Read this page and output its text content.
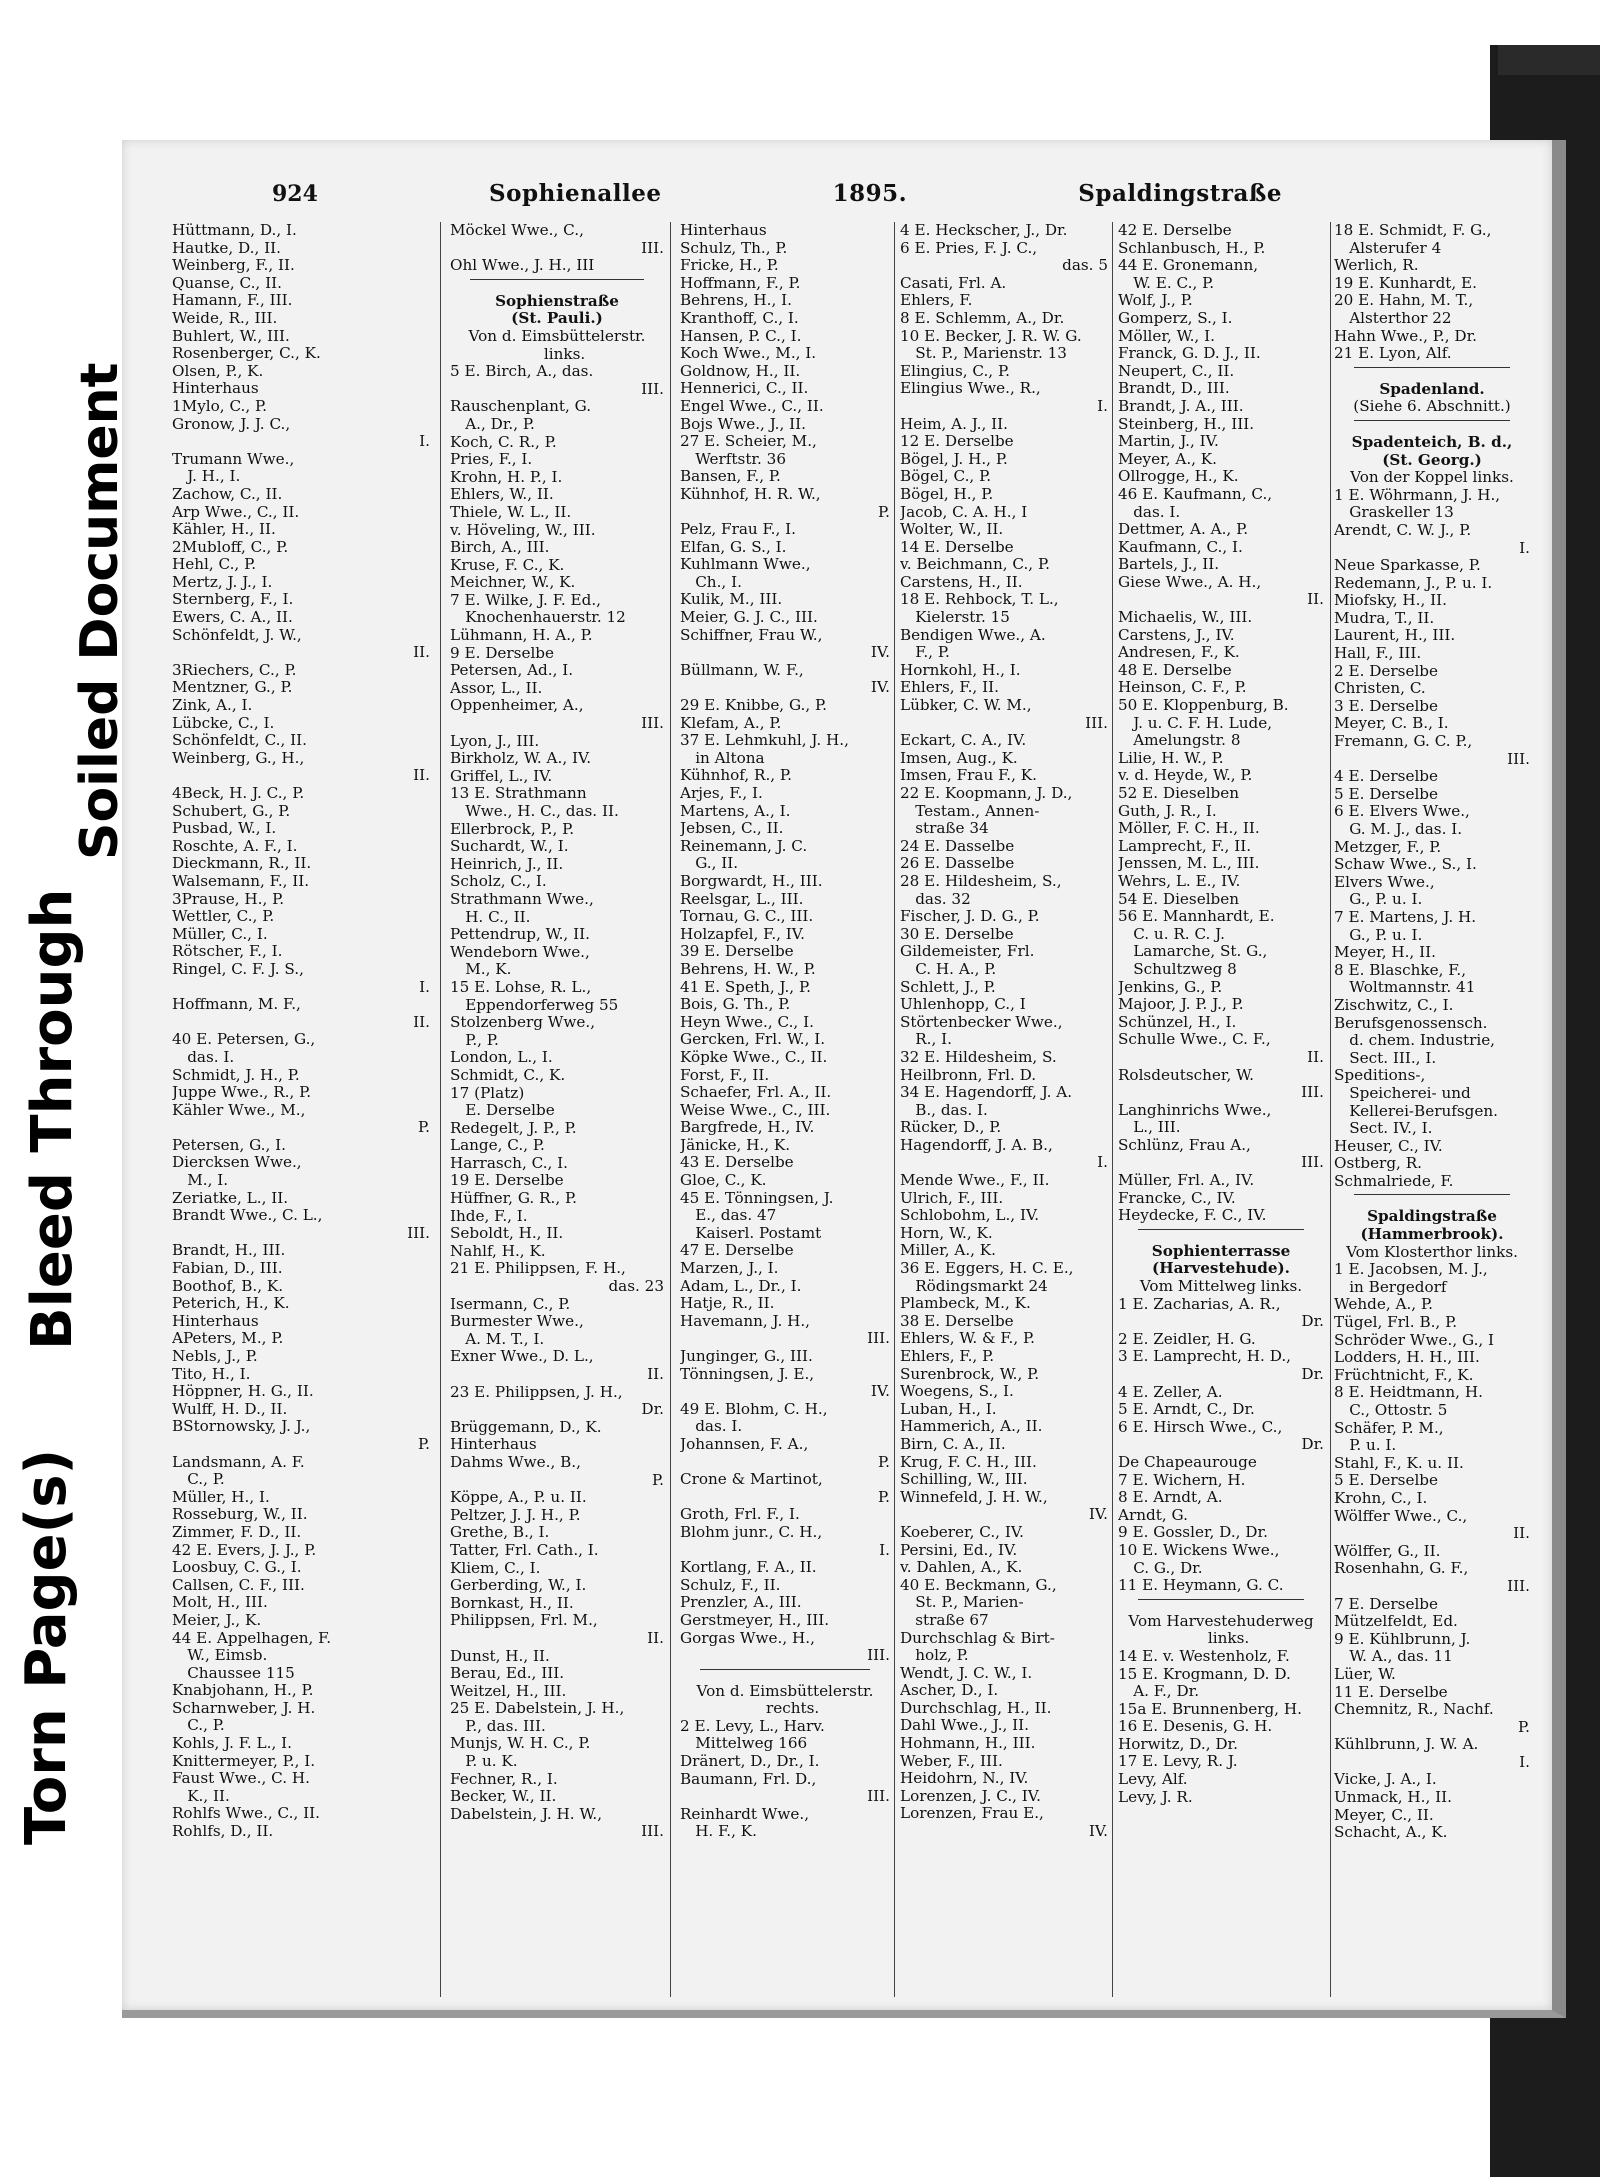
Torn Page(s)
Bleed Through
Soiled Document
924	Sophienallee	1895.	Spaldingstraße
Hüttmann, D., I.
Hautke, D., II.
Weinberg, F., II.
Quanse, C., II.
Hamann, F., III.
Weide, R., III.
Buhlert, W., III.
Rosenberger, C., K.
Olsen, P., K.
Hinterhaus
1Mylo, C., P.
Gronow, J. J. C.,
I.
Trumann Wwe.,
 J. H., I.
Zachow, C., II.
Arp Wwe., C., II.
Kähler, H., II.
2Mubloff, C., P.
Hehl, C., P.
Mertz, J. J., I.
Sternberg, F., I.
Ewers, C. A., II.
Schönfeldt, J. W.,
II.
3Riechers, C., P.
Mentzner, G., P.
Zink, A., I.
Lübcke, C., I.
Schönfeldt, C., II.
Weinberg, G., H.,
II.
4Beck, H. J. C., P.
Schubert, G., P.
Pusbad, W., I.
Roschte, A. F., I.
Dieckmann, R., II.
Walsemann, F., II.
3Prause, H., P.
Wettler, C., P.
Müller, C., I.
Rötscher, F., I.
Ringel, C. F. J. S.,
I.
Hoffmann, M. F.,
II.
40 E. Petersen, G.,
 das. I.
Schmidt, J. H., P.
Juppe Wwe., R., P.
Kähler Wwe., M.,
P.
Petersen, G., I.
Diercksen Wwe.,
 M., I.
Zeriatke, L., II.
Brandt Wwe., C. L.,
III.
Brandt, H., III.
Fabian, D., III.
Boothof, B., K.
Peterich, H., K.
Hinterhaus
APeters, M., P.
Nebls, J., P.
Tito, H., I.
Höppner, H. G., II.
Wulff, H. D., II.
BStornowsky, J. J.,
P.
Landsmann, A. F.
 C., P.
Müller, H., I.
Rosseburg, W., II.
Zimmer, F. D., II.
42 E. Evers, J. J., P.
Loosbuy, C. G., I.
Callsen, C. F., III.
Molt, H., III.
Meier, J., K.
44 E. Appelhagen, F.
 W., Eimsb.
 Chaussee 115
Knabjohann, H., P.
Scharnweber, J. H.
 C., P.
Kohls, J. F. L., I.
Knittermeyer, P., I.
Faust Wwe., C. H.
 K., II.
Rohlfs Wwe., C., II.
Rohlfs, D., II.
Möckel Wwe., C.,
III.
Ohl Wwe., J. H., III
Sophienstraße
(St. Pauli.)
Von d. Eimsbüttelerstr.
 links.
5 E. Birch, A., das.
III.
Rauschenplant, G.
 A., Dr., P.
Koch, C. R., P.
Pries, F., I.
Krohn, H. P., I.
Ehlers, W., II.
Thiele, W. L., II.
v. Höveling, W., III.
Birch, A., III.
Kruse, F. C., K.
Meichner, W., K.
7 E. Wilke, J. F. Ed.,
 Knochenhauerstr. 12
Lühmann, H. A., P.
9 E. Derselbe
Petersen, Ad., I.
Assor, L., II.
Oppenheimer, A.,
III.
Lyon, J., III.
Birkholz, W. A., IV.
Griffel, L., IV.
13 E. Strathmann
 Wwe., H. C., das. II.
Ellerbrock, P., P.
Suchardt, W., I.
Heinrich, J., II.
Scholz, C., I.
Strathmann Wwe.,
 H. C., II.
Pettendrup, W., II.
Wendeborn Wwe.,
 M., K.
15 E. Lohse, R. L.,
 Eppendorferweg 55
Stolzenberg Wwe.,
 P., P.
London, L., I.
Schmidt, C., K.
17 (Platz)
 E. Derselbe
Redegelt, J. P., P.
Lange, C., P.
Harrasch, C., I.
19 E. Derselbe
Hüffner, G. R., P.
Ihde, F., I.
Seboldt, H., II.
Nahlf, H., K.
21 E. Philippsen, F. H.,
das. 23
Isermann, C., P.
Burmester Wwe.,
 A. M. T., I.
Exner Wwe., D. L.,
II.
23 E. Philippsen, J. H.,
Dr.
Brüggemann, D., K.
Hinterhaus
Dahms Wwe., B.,
P.
Köppe, A., P. u. II.
Peltzer, J. J. H., P.
Grethe, B., I.
Tatter, Frl. Cath., I.
Kliem, C., I.
Gerberding, W., I.
Bornkast, H., II.
Philippsen, Frl. M.,
II.
Dunst, H., II.
Berau, Ed., III.
Weitzel, H., III.
25 E. Dabelstein, J. H.,
 P., das. III.
Munjs, W. H. C., P.
 P. u. K.
Fechner, R., I.
Becker, W., II.
Dabelstein, J. H. W.,
III.
Hinterhaus
Schulz, Th., P.
Fricke, H., P.
Hoffmann, F., P.
Behrens, H., I.
Kranthoff, C., I.
Hansen, P. C., I.
Koch Wwe., M., I.
Goldnow, H., II.
Hennerici, C., II.
Engel Wwe., C., II.
Bojs Wwe., J., II.
27 E. Scheier, M.,
 Werftstr. 36
Bansen, F., P.
Kühnhof, H. R. W.,
P.
Pelz, Frau F., I.
Elfan, G. S., I.
Kuhlmann Wwe.,
 Ch., I.
Kulik, M., III.
Meier, G. J. C., III.
Schiffner, Frau W.,
IV.
Büllmann, W. F.,
IV.
29 E. Knibbe, G., P.
Klefam, A., P.
37 E. Lehmkuhl, J. H.,
 in Altona
Kühnhof, R., P.
Arjes, F., I.
Martens, A., I.
Jebsen, C., II.
Reinemann, J. C.
 G., II.
Borgwardt, H., III.
Reelsgar, L., III.
Tornau, G. C., III.
Holzapfel, F., IV.
39 E. Derselbe
Behrens, H. W., P.
41 E. Speth, J., P.
Bois, G. Th., P.
Heyn Wwe., C., I.
Gercken, Frl. W., I.
Köpke Wwe., C., II.
Forst, F., II.
Schaefer, Frl. A., II.
Weise Wwe., C., III.
Bargfrede, H., IV.
Jänicke, H., K.
43 E. Derselbe
Gloe, C., K.
45 E. Tönningsen, J.
 E., das. 47
 Kaiserl. Postamt
47 E. Derselbe
Marzen, J., I.
Adam, L., Dr., I.
Hatje, R., II.
Havemann, J. H.,
III.
Junginger, G., III.
Tönningsen, J. E.,
IV.
49 E. Blohm, C. H.,
 das. I.
Johannsen, F. A.,
P.
Crone & Martinot,
P.
Groth, Frl. F., I.
Blohm junr., C. H.,
I.
Kortlang, F. A., II.
Schulz, F., II.
Prenzler, A., III.
Gerstmeyer, H., III.
Gorgas Wwe., H.,
III.
Von d. Eimsbüttelerstr.
 rechts.
2 E. Levy, L., Harv.
 Mittelweg 166
Dränert, D., Dr., I.
Baumann, Frl. D.,
III.
Reinhardt Wwe.,
 H. F., K.
4 E. Heckscher, J., Dr.
6 E. Pries, F. J. C.,
das. 5
Casati, Frl. A.
Ehlers, F.
8 E. Schlemm, A., Dr.
10 E. Becker, J. R. W. G.
 St. P., Marienstr. 13
Elingius, C., P.
Elingius Wwe., R.,
I.
Heim, A. J., II.
12 E. Derselbe
Bögel, J. H., P.
Bögel, C., P.
Bögel, H., P.
Jacob, C. A. H., I
Wolter, W., II.
14 E. Derselbe
v. Beichmann, C., P.
Carstens, H., II.
18 E. Rehbock, T. L.,
 Kielerstr. 15
Bendigen Wwe., A.
 F., P.
Hornkohl, H., I.
Ehlers, F., II.
Lübker, C. W. M.,
III.
Eckart, C. A., IV.
Imsen, Aug., K.
Imsen, Frau F., K.
22 E. Koopmann, J. D.,
 Testam., Annen-
 straße 34
24 E. Dasselbe
26 E. Dasselbe
28 E. Hildesheim, S.,
 das. 32
Fischer, J. D. G., P.
30 E. Derselbe
Gildemeister, Frl.
 C. H. A., P.
Schlett, J., P.
Uhlenhopp, C., I
Störtenbecker Wwe.,
 R., I.
32 E. Hildesheim, S.
Heilbronn, Frl. D.
34 E. Hagendorff, J. A.
 B., das. I.
Rücker, D., P.
Hagendorff, J. A. B.,
I.
Mende Wwe., F., II.
Ulrich, F., III.
Schlobohm, L., IV.
Horn, W., K.
Miller, A., K.
36 E. Eggers, H. C. E.,
 Rödingsmarkt 24
Plambeck, M., K.
38 E. Derselbe
Ehlers, W. & F., P.
Ehlers, F., P.
Surenbrock, W., P.
Woegens, S., I.
Luban, H., I.
Hammerich, A., II.
Birn, C. A., II.
Krug, F. C. H., III.
Schilling, W., III.
Winnefeld, J. H. W.,
IV.
Koeberer, C., IV.
Persini, Ed., IV.
v. Dahlen, A., K.
40 E. Beckmann, G.,
 St. P., Marien-
 straße 67
Durchschlag & Birt-
 holz, P.
Wendt, J. C. W., I.
Ascher, D., I.
Durchschlag, H., II.
Dahl Wwe., J., II.
Hohmann, H., III.
Weber, F., III.
Heidohrn, N., IV.
Lorenzen, J. C., IV.
Lorenzen, Frau E.,
IV.
42 E. Derselbe
Schlanbusch, H., P.
44 E. Gronemann,
 W. E. C., P.
Wolf, J., P.
Gomperz, S., I.
Möller, W., I.
Franck, G. D. J., II.
Neupert, C., II.
Brandt, D., III.
Brandt, J. A., III.
Steinberg, H., III.
Martin, J., IV.
Meyer, A., K.
Ollrogge, H., K.
46 E. Kaufmann, C.,
 das. I.
Dettmer, A. A., P.
Kaufmann, C., I.
Bartels, J., II.
Giese Wwe., A. H.,
II.
Michaelis, W., III.
Carstens, J., IV.
Andresen, F., K.
48 E. Derselbe
Heinson, C. F., P.
50 E. Kloppenburg, B.
 J. u. C. F. H. Lude,
 Amelungstr. 8
Lilie, H. W., P.
v. d. Heyde, W., P.
52 E. Dieselben
Guth, J. R., I.
Möller, F. C. H., II.
Lamprecht, F., II.
Jenssen, M. L., III.
Wehrs, L. E., IV.
54 E. Dieselben
56 E. Mannhardt, E.
 C. u. R. C. J.
 Lamarche, St. G.,
 Schultzweg 8
Jenkins, G., P.
Majoor, J. P. J., P.
Schünzel, H., I.
Schulle Wwe., C. F.,
II.
Rolsdeutscher, W.
III.
Langhinrichs Wwe.,
 L., III.
Schlünz, Frau A.,
III.
Müller, Frl. A., IV.
Francke, C., IV.
Heydecke, F. C., IV.
Sophienterrasse
(Harvestehude).
Vom Mittelweg links.
1 E. Zacharias, A. R.,
Dr.
2 E. Zeidler, H. G.
3 E. Lamprecht, H. D.,
Dr.
4 E. Zeller, A.
5 E. Arndt, C., Dr.
6 E. Hirsch Wwe., C.,
Dr.
De Chapeaurouge
7 E. Wichern, H.
8 E. Arndt, A.
Arndt, G.
9 E. Gossler, D., Dr.
10 E. Wickens Wwe.,
 C. G., Dr.
11 E. Heymann, G. C.
Vom Harvestehuderweg
 links.
14 E. v. Westenholz, F.
15 E. Krogmann, D. D.
 A. F., Dr.
15a E. Brunnenberg, H.
16 E. Desenis, G. H.
Horwitz, D., Dr.
17 E. Levy, R. J.
Levy, Alf.
Levy, J. R.
18 E. Schmidt, F. G.,
 Alsterufer 4
Werlich, R.
19 E. Kunhardt, E.
20 E. Hahn, M. T.,
 Alsterthor 22
Hahn Wwe., P., Dr.
21 E. Lyon, Alf.
Spadenland.
(Siehe 6. Abschnitt.)
Spadenteich, B. d.,
(St. Georg.)
Von der Koppel links.
1 E. Wöhrmann, J. H.,
 Graskeller 13
Arendt, C. W. J., P.
I.
Neue Sparkasse, P.
Redemann, J., P. u. I.
Miofsky, H., II.
Mudra, T., II.
Laurent, H., III.
Hall, F., III.
2 E. Derselbe
Christen, C.
3 E. Derselbe
Meyer, C. B., I.
Fremann, G. C. P.,
III.
4 E. Derselbe
5 E. Derselbe
6 E. Elvers Wwe.,
 G. M. J., das. I.
Metzger, F., P.
Schaw Wwe., S., I.
Elvers Wwe.,
 G., P. u. I.
7 E. Martens, J. H.
 G., P. u. I.
Meyer, H., II.
8 E. Blaschke, F.,
 Woltmannstr. 41
Zischwitz, C., I.
Berufsgenossensch.
 d. chem. Industrie,
 Sect. III., I.
Speditions-,
 Speicherei- und
 Kellerei-Berufsgen.
 Sect. IV., I.
Heuser, C., IV.
Ostberg, R.
Schmalriede, F.
Spaldingstraße
(Hammerbrook).
Vom Klosterthor links.
1 E. Jacobsen, M. J.,
 in Bergedorf
Wehde, A., P.
Tügel, Frl. B., P.
Schröder Wwe., G., I
Lodders, H. H., III.
Früchtnicht, F., K.
8 E. Heidtmann, H.
 C., Ottostr. 5
Schäfer, P. M.,
 P. u. I.
Stahl, F., K. u. II.
5 E. Derselbe
Krohn, C., I.
Wölffer Wwe., C.,
II.
Wölffer, G., II.
Rosenhahn, G. F.,
III.
7 E. Derselbe
Mützelfeldt, Ed.
9 E. Kühlbrunn, J.
 W. A., das. 11
Lüer, W.
11 E. Derselbe
Chemnitz, R., Nachf.
P.
Kühlbrunn, J. W. A.
I.
Vicke, J. A., I.
Unmack, H., II.
Meyer, C., II.
Schacht, A., K.
